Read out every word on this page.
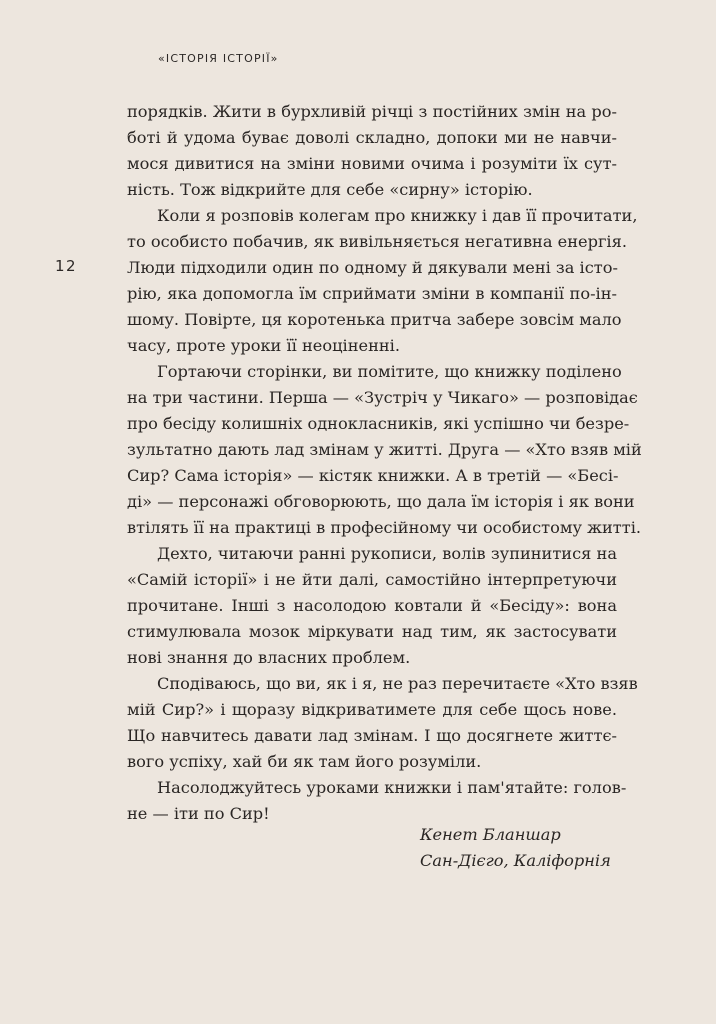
«ІСТОРІЯ ІСТОРІЇ»
12
порядків. Жити в бурхливій річці з постійних змін на ро-
боті й удома буває доволі складно, допоки ми не навчи-
мося дивитися на зміни новими очима і розуміти їх сут-
ність. Тож відкрийте для себе «сирну» історію.
Коли я розповів колегам про книжку і дав її прочитати,
то особисто побачив, як вивільняється негативна енергія.
Люди підходили один по одному й дякували мені за істо-
рію, яка допомогла їм сприймати зміни в компанії по-ін-
шому. Повірте, ця коротенька притча забере зовсім мало
часу, проте уроки її неоціненні.
Гортаючи сторінки, ви помітите, що книжку поділено
на три частини. Перша — «Зустріч у Чикаго» — розповідає
про бесіду колишніх однокласників, які успішно чи безре-
зультатно дають лад змінам у житті. Друга — «Хто взяв мій
Сир? Сама історія» — кістяк книжки. А в третій — «Бесі-
ді» — персонажі обговорюють, що дала їм історія і як вони
втілять її на практиці в професійному чи особистому житті.
Дехто, читаючи ранні рукописи, волів зупинитися на
«Самій історії» і не йти далі, самостійно інтерпретуючи
прочитане. Інші з насолодою ковтали й «Бесіду»: вона
стимулювала мозок міркувати над тим, як застосувати
нові знання до власних проблем.
Сподіваюсь, що ви, як і я, не раз перечитаєте «Хто взяв
мій Сир?» і щоразу відкриватимете для себе щось нове.
Що навчитесь давати лад змінам. І що досягнете життє-
вого успіху, хай би як там його розуміли.
Насолоджуйтесь уроками книжки і пам'ятайте: голов-
не — іти по Сир!
Кенет Бланшар
Сан-Дієго, Каліфорнія
